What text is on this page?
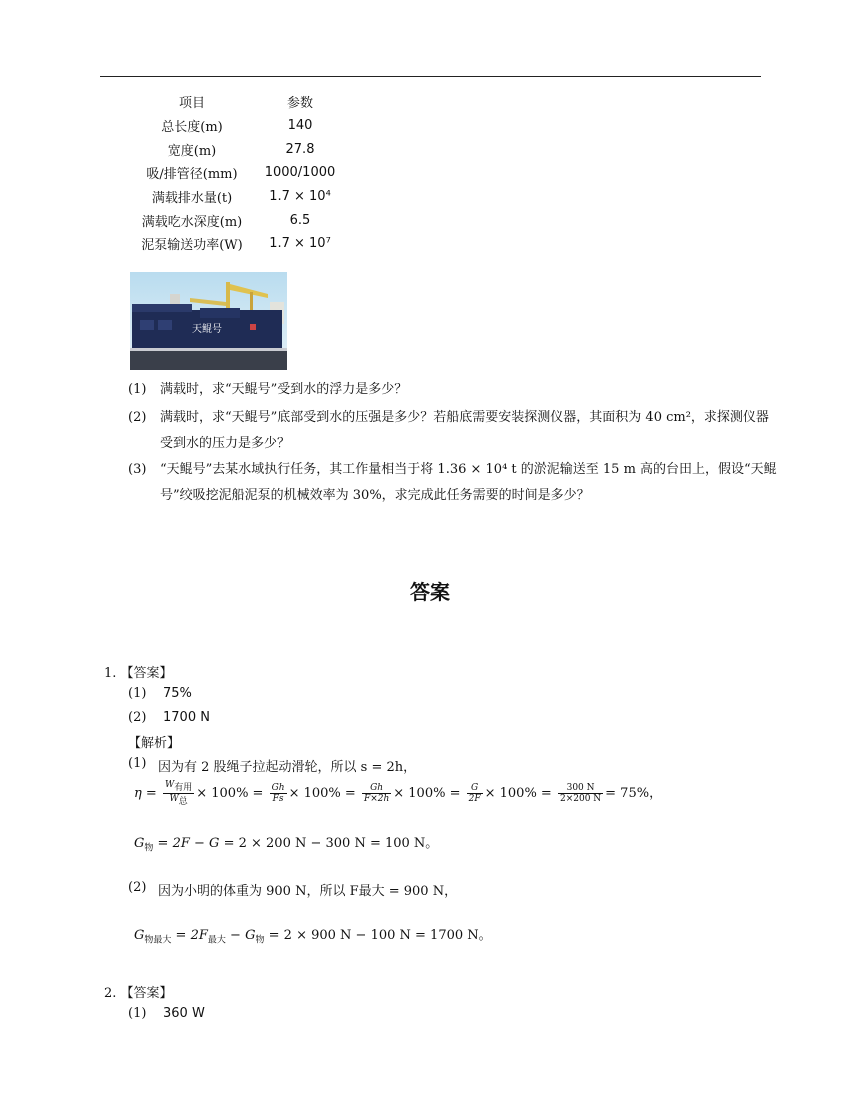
项目	参数
总长度(m)	140
宽度(m)	27.8
吸/排管径(mm)	1000/1000
满载排水量(t)	1.7 × 10⁴
满载吃水深度(m)	6.5
泥泵输送功率(W)	1.7 × 10⁷
天鲲号
(1)	满载时，求“天鲲号”受到水的浮力是多少？
(2)	满载时，求“天鲲号”底部受到水的压强是多少？若船底需要安装探测仪器，其面积为 40 cm²，求探测仪器受到水的压力是多少？
(3)	“天鲲号”去某水域执行任务，其工作量相当于将 1.36 × 10⁴ t 的淤泥输送至 15 m 高的台田上，假设“天鲲号”绞吸挖泥船泥泵的机械效率为 30%，求完成此任务需要的时间是多少？
答案
1. 【答案】
(1) 75%
(2) 1700 N
【解析】
(1) 因为有 2 股绳子拉起动滑轮，所以 s = 2h，
$\eta = \frac{W_{有用}}{W_总} \times 100\% = \frac{Gh}{Fs} \times 100\% = \frac{Gh}{F\times 2h} \times 100\% = \frac{G}{2F} \times 100\% = \frac{300 N}{2\times 200 N} = 75\%$，
$G_物 = 2F - G = 2 \times 200$ N − 300 N = 100 N。
(2) 因为小明的体重为 900 N，所以 F最大 = 900 N，
$G_{物最大} = 2F_{最大} - G_物 = 2 \times 900$ N − 100 N = 1700 N。
2. 【答案】
(1) 360 W
